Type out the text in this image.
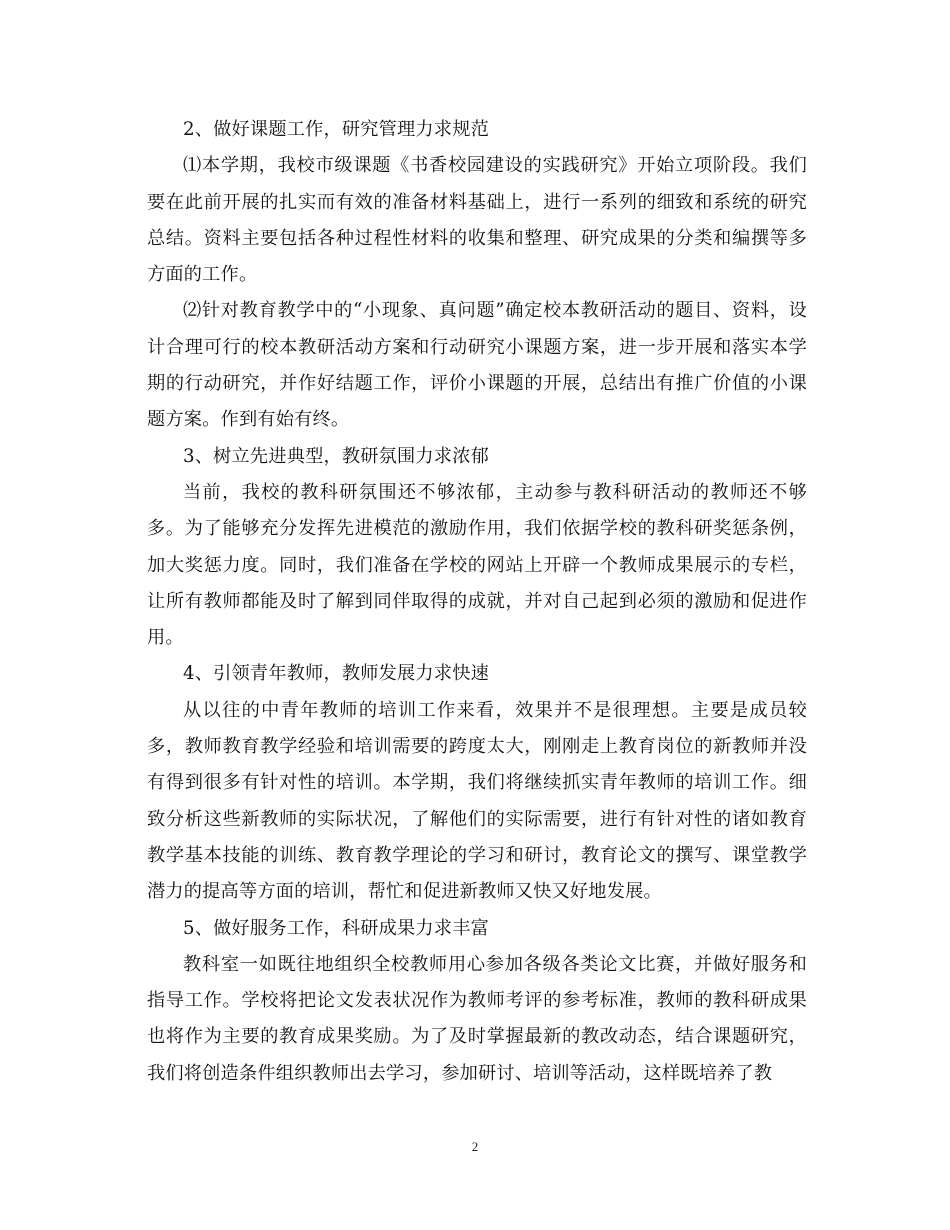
2、做好课题工作，研究管理力求规范

⑴本学期，我校市级课题《书香校园建设的实践研究》开始立项阶段。我们要在此前开展的扎实而有效的准备材料基础上，进行一系列的细致和系统的研究总结。资料主要包括各种过程性材料的收集和整理、研究成果的分类和编撰等多方面的工作。

⑵针对教育教学中的“小现象、真问题”确定校本教研活动的题目、资料，设计合理可行的校本教研活动方案和行动研究小课题方案，进一步开展和落实本学期的行动研究，并作好结题工作，评价小课题的开展，总结出有推广价值的小课题方案。作到有始有终。

3、树立先进典型，教研氛围力求浓郁

当前，我校的教科研氛围还不够浓郁，主动参与教科研活动的教师还不够多。为了能够充分发挥先进模范的激励作用，我们依据学校的教科研奖惩条例，加大奖惩力度。同时，我们准备在学校的网站上开辟一个教师成果展示的专栏，让所有教师都能及时了解到同伴取得的成就，并对自己起到必须的激励和促进作用。

4、引领青年教师，教师发展力求快速

从以往的中青年教师的培训工作来看，效果并不是很理想。主要是成员较多，教师教育教学经验和培训需要的跨度太大，刚刚走上教育岗位的新教师并没有得到很多有针对性的培训。本学期，我们将继续抓实青年教师的培训工作。细致分析这些新教师的实际状况，了解他们的实际需要，进行有针对性的诸如教育教学基本技能的训练、教育教学理论的学习和研讨，教育论文的撰写、课堂教学潜力的提高等方面的培训，帮忙和促进新教师又快又好地发展。

5、做好服务工作，科研成果力求丰富

教科室一如既往地组织全校教师用心参加各级各类论文比赛，并做好服务和指导工作。学校将把论文发表状况作为教师考评的参考标准，教师的教科研成果也将作为主要的教育成果奖励。为了及时掌握最新的教改动态，结合课题研究，我们将创造条件组织教师出去学习，参加研讨、培训等活动，这样既培养了教

2
